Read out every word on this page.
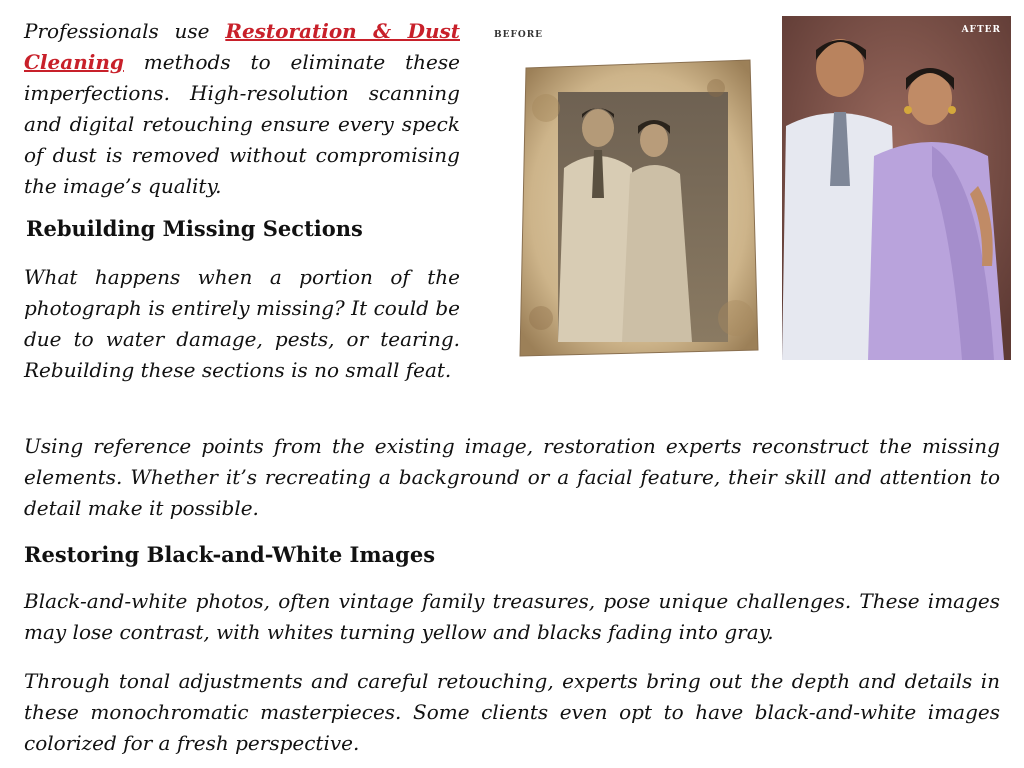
Professionals use Restoration & Dust Cleaning methods to eliminate these imperfections. High-resolution scanning and digital retouching ensure every speck of dust is removed without compromising the image’s quality.

Rebuilding Missing Sections

What happens when a portion of the photograph is entirely missing? It could be due to water damage, pests, or tearing. Rebuilding these sections is no small feat.

Using reference points from the existing image, restoration experts reconstruct the missing elements. Whether it’s recreating a background or a facial feature, their skill and attention to detail make it possible.

Restoring Black-and-White Images

Black-and-white photos, often vintage family treasures, pose unique challenges. These images may lose contrast, with whites turning yellow and blacks fading into gray.

Through tonal adjustments and careful retouching, experts bring out the depth and details in these monochromatic masterpieces. Some clients even opt to have black-and-white images colorized for a fresh perspective.

BEFORE	AFTER
